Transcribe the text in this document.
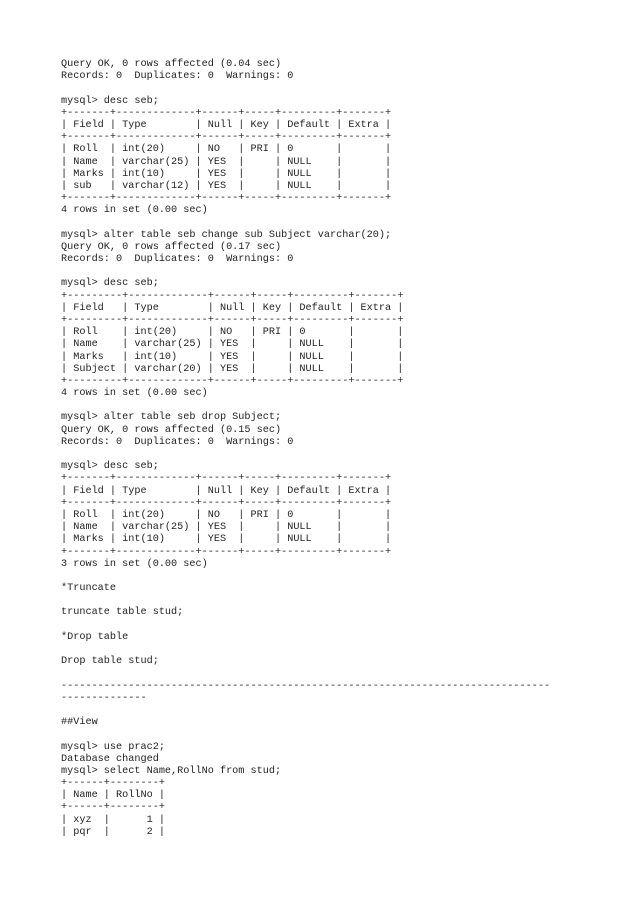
Query OK, 0 rows affected (0.04 sec)
Records: 0  Duplicates: 0  Warnings: 0
mysql> desc seb;
+-------+-------------+------+-----+---------+-------+
| Field | Type        | Null | Key | Default | Extra |
+-------+-------------+------+-----+---------+-------+
| Roll  | int(20)     | NO   | PRI | 0       |       |
| Name  | varchar(25) | YES  |     | NULL    |       |
| Marks | int(10)     | YES  |     | NULL    |       |
| sub   | varchar(12) | YES  |     | NULL    |       |
+-------+-------------+------+-----+---------+-------+
4 rows in set (0.00 sec)
mysql> alter table seb change sub Subject varchar(20);
Query OK, 0 rows affected (0.17 sec)
Records: 0  Duplicates: 0  Warnings: 0
mysql> desc seb;
+---------+-------------+------+-----+---------+-------+
| Field   | Type        | Null | Key | Default | Extra |
+---------+-------------+------+-----+---------+-------+
| Roll    | int(20)     | NO   | PRI | 0       |       |
| Name    | varchar(25) | YES  |     | NULL    |       |
| Marks   | int(10)     | YES  |     | NULL    |       |
| Subject | varchar(20) | YES  |     | NULL    |       |
+---------+-------------+------+-----+---------+-------+
4 rows in set (0.00 sec)
mysql> alter table seb drop Subject;
Query OK, 0 rows affected (0.15 sec)
Records: 0  Duplicates: 0  Warnings: 0
mysql> desc seb;
+-------+-------------+------+-----+---------+-------+
| Field | Type        | Null | Key | Default | Extra |
+-------+-------------+------+-----+---------+-------+
| Roll  | int(20)     | NO   | PRI | 0       |       |
| Name  | varchar(25) | YES  |     | NULL    |       |
| Marks | int(10)     | YES  |     | NULL    |       |
+-------+-------------+------+-----+---------+-------+
3 rows in set (0.00 sec)
*Truncate
truncate table stud;
*Drop table
Drop table stud;
--------------------------------------------------------------------------------
--------------
##View
mysql> use prac2;
Database changed
mysql> select Name,RollNo from stud;
+------+--------+
| Name | RollNo |
+------+--------+
| xyz  |      1 |
| pqr  |      2 |
